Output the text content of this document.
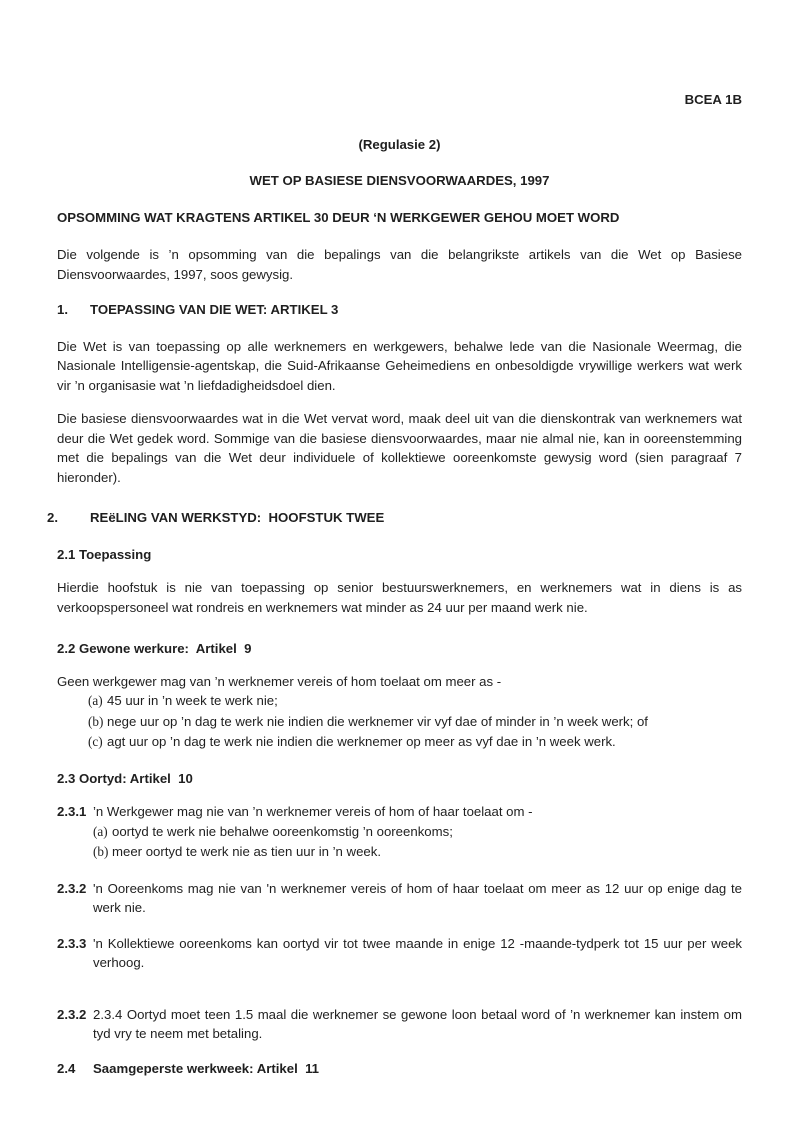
BCEA 1B
(Regulasie 2)
WET OP BASIESE DIENSVOORWAARDES, 1997
OPSOMMING WAT KRAGTENS ARTIKEL 30 DEUR ‘N WERKGEWER GEHOU MOET WORD
Die volgende is ’n opsomming van die bepalings van die belangrikste artikels van die Wet op Basiese Diensvoorwaardes, 1997, soos gewysig.
1.	TOEPASSING VAN DIE WET: ARTIKEL 3
Die Wet is van toepassing op alle werknemers en werkgewers, behalwe lede van die Nasionale Weermag, die Nasionale Intelligensie-agentskap, die Suid-Afrikaanse Geheimediens en onbesoldigde vrywillige werkers wat werk vir ’n organisasie wat ’n liefdadigheidsdoel dien.
Die basiese diensvoorwaardes wat in die Wet vervat word, maak deel uit van die dienskontrak van werknemers wat deur die Wet gedek word. Sommige van die basiese diensvoorwaardes, maar nie almal nie, kan in ooreenstemming met die bepalings van die Wet deur individuele of kollektiewe ooreenkomste gewysig word (sien paragraaf 7 hieronder).
2.	REëLING VAN WERKSTYD:  HOOFSTUK TWEE
2.1 Toepassing
Hierdie hoofstuk is nie van toepassing op senior bestuurswerknemers, en werknemers wat in diens is as verkoopspersoneel wat rondreis en werknemers wat minder as 24 uur per maand werk nie.
2.2 Gewone werkure:  Artikel  9
Geen werkgewer mag van ’n werknemer vereis of hom toelaat om meer as -
(a) 45 uur in ’n week te werk nie;
(b) nege uur op ’n dag te werk nie indien die werknemer vir vyf dae of minder in ’n week werk; of
(c) agt uur op ’n dag te werk nie indien die werknemer op meer as vyf dae in ’n week werk.
2.3 Oortyd: Artikel  10
2.3.1 ’n Werkgewer mag nie van ’n werknemer vereis of hom of haar toelaat om -
(a) oortyd te werk nie behalwe ooreenkomstig ’n ooreenkoms;
(b) meer oortyd te werk nie as tien uur in ’n week.
2.3.2 'n Ooreenkoms mag nie van 'n werknemer vereis of hom of haar toelaat om meer as 12 uur op enige dag te werk nie.
2.3.3 'n Kollektiewe ooreenkoms kan oortyd vir tot twee maande in enige 12 -maande-tydperk tot 15 uur per week verhoog.
2.3.2 2.3.4 Oortyd moet teen 1.5 maal die werknemer se gewone loon betaal word of ’n werknemer kan instem om tyd vry te neem met betaling.
2.4	Saamgeperste werkweek: Artikel  11
